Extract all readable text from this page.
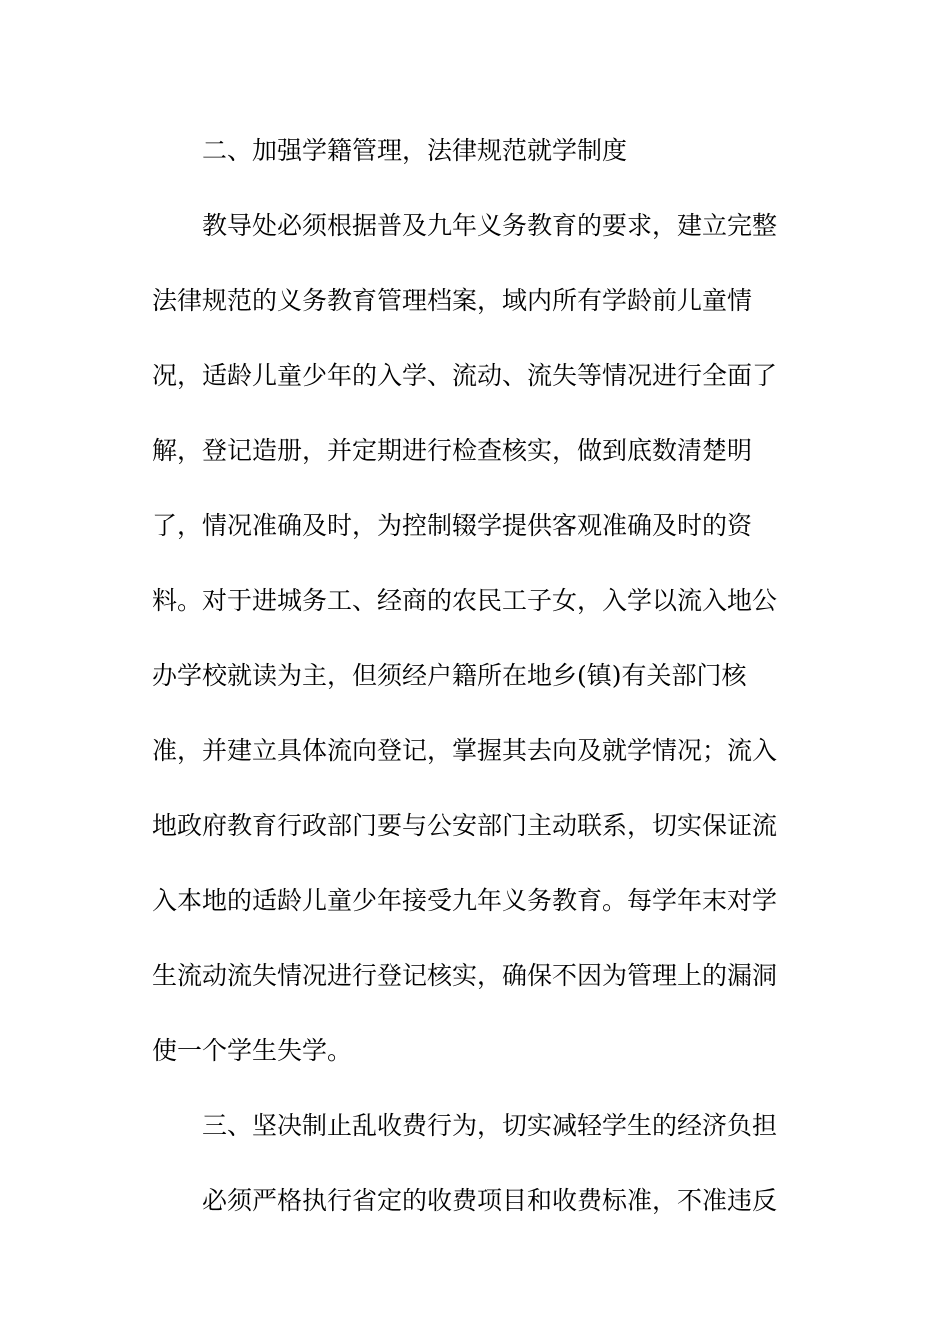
二、加强学籍管理，法律规范就学制度

教导处必须根据普及九年义务教育的要求，建立完整

法律规范的义务教育管理档案，域内所有学龄前儿童情

况，适龄儿童少年的入学、流动、流失等情况进行全面了

解，登记造册，并定期进行检查核实，做到底数清楚明

了，情况准确及时，为控制辍学提供客观准确及时的资

料。对于进城务工、经商的农民工子女，入学以流入地公

办学校就读为主，但须经户籍所在地乡(镇)有关部门核

准，并建立具体流向登记，掌握其去向及就学情况；流入

地政府教育行政部门要与公安部门主动联系，切实保证流

入本地的适龄儿童少年接受九年义务教育。每学年末对学

生流动流失情况进行登记核实，确保不因为管理上的漏洞

使一个学生失学。

三、坚决制止乱收费行为，切实减轻学生的经济负担

必须严格执行省定的收费项目和收费标准，不准违反
